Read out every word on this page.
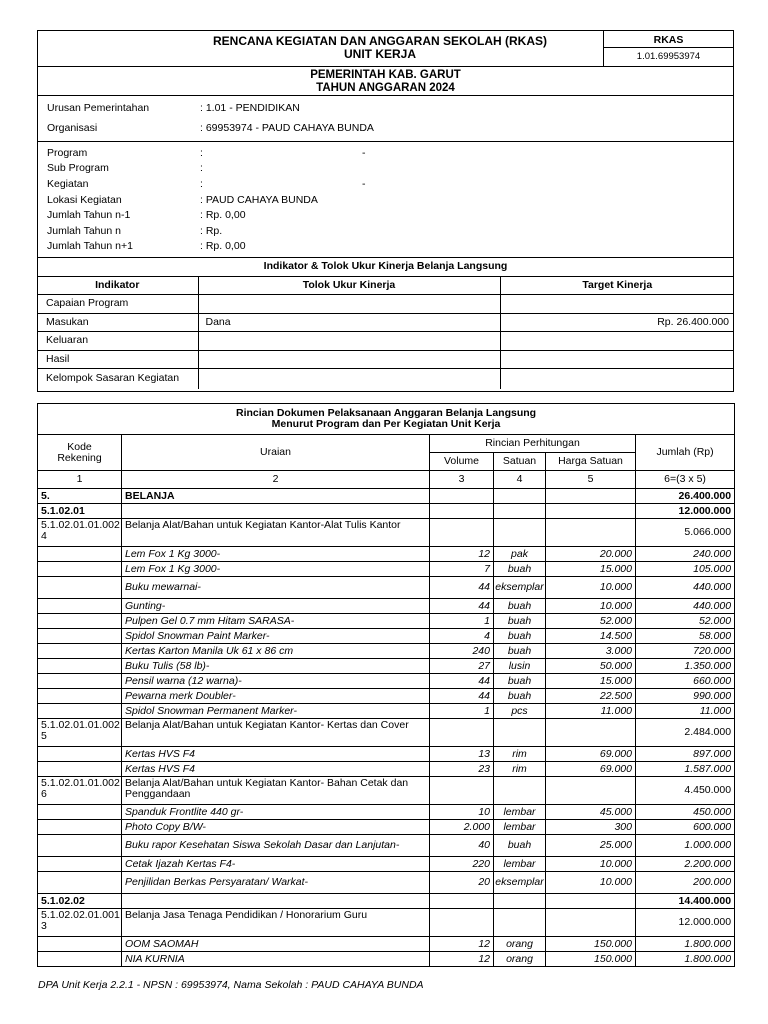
RENCANA KEGIATAN DAN ANGGARAN SEKOLAH (RKAS)
UNIT KERJA
RKAS
1.01.69953974
PEMERINTAH KAB. GARUT
TAHUN ANGGARAN 2024
Urusan Pemerintahan	: 1.01 - PENDIDIKAN
Organisasi	: 69953974 - PAUD CAHAYA BUNDA
Program	:	-
Sub Program	:
Kegiatan	:	-
Lokasi Kegiatan	: PAUD CAHAYA BUNDA
Jumlah Tahun n-1	: Rp. 0,00
Jumlah Tahun n	: Rp.
Jumlah Tahun n+1	: Rp. 0,00
Indikator & Tolok Ukur Kinerja Belanja Langsung		
Indikator	Tolok Ukur Kinerja	Target Kinerja
Capaian Program		
Masukan	Dana	Rp. 26.400.000
Keluaran		
Hasil		
Kelompok Sasaran Kegiatan		
Rincian Dokumen Pelaksanaan Anggaran Belanja Langsung
Menurut Program dan Per Kegiatan Unit Kerja					

Kode Rekening	Uraian	Rincian Perhitungan			Jumlah (Rp)
		Volume	Satuan	Harga Satuan	
1	2	3	4	5	6=(3 x 5)
5.	BELANJA				26.400.000
5.1.02.01					12.000.000
5.1.02.01.01.0024	Belanja Alat/Bahan untuk Kegiatan Kantor-Alat Tulis Kantor				5.066.000
	Lem Fox 1 Kg 3000-	12	pak	20.000	240.000
	Lem Fox 1 Kg 3000-	7	buah	15.000	105.000
	Buku mewarnai-	44	eksemplar	10.000	440.000
	Gunting-	44	buah	10.000	440.000
	Pulpen Gel 0.7 mm Hitam SARASA-	1	buah	52.000	52.000
	Spidol Snowman Paint Marker-	4	buah	14.500	58.000
	Kertas Karton Manila Uk 61 x 86 cm	240	buah	3.000	720.000
	Buku Tulis (58 lb)-	27	lusin	50.000	1.350.000
	Pensil warna (12 warna)-	44	buah	15.000	660.000
	Pewarna merk Doubler-	44	buah	22.500	990.000
	Spidol Snowman Permanent Marker-	1	pcs	11.000	11.000
5.1.02.01.01.0025	Belanja Alat/Bahan untuk Kegiatan Kantor- Kertas dan Cover				2.484.000
	Kertas HVS F4	13	rim	69.000	897.000
	Kertas HVS F4	23	rim	69.000	1.587.000
5.1.02.01.01.0026	Belanja Alat/Bahan untuk Kegiatan Kantor- Bahan Cetak dan Penggandaan				4.450.000
	Spanduk Frontlite 440 gr-	10	lembar	45.000	450.000
	Photo Copy B/W-	2.000	lembar	300	600.000
	Buku rapor Kesehatan Siswa Sekolah Dasar dan Lanjutan-	40	buah	25.000	1.000.000
	Cetak Ijazah Kertas F4-	220	lembar	10.000	2.200.000
	Penjilidan Berkas Persyaratan/ Warkat-	20	eksemplar	10.000	200.000
5.1.02.02					14.400.000
5.1.02.02.01.0013	Belanja Jasa Tenaga Pendidikan / Honorarium Guru				12.000.000
	OOM SAOMAH	12	orang	150.000	1.800.000
	NIA KURNIA	12	orang	150.000	1.800.000
DPA Unit Kerja 2.2.1 - NPSN : 69953974, Nama Sekolah : PAUD CAHAYA BUNDA
